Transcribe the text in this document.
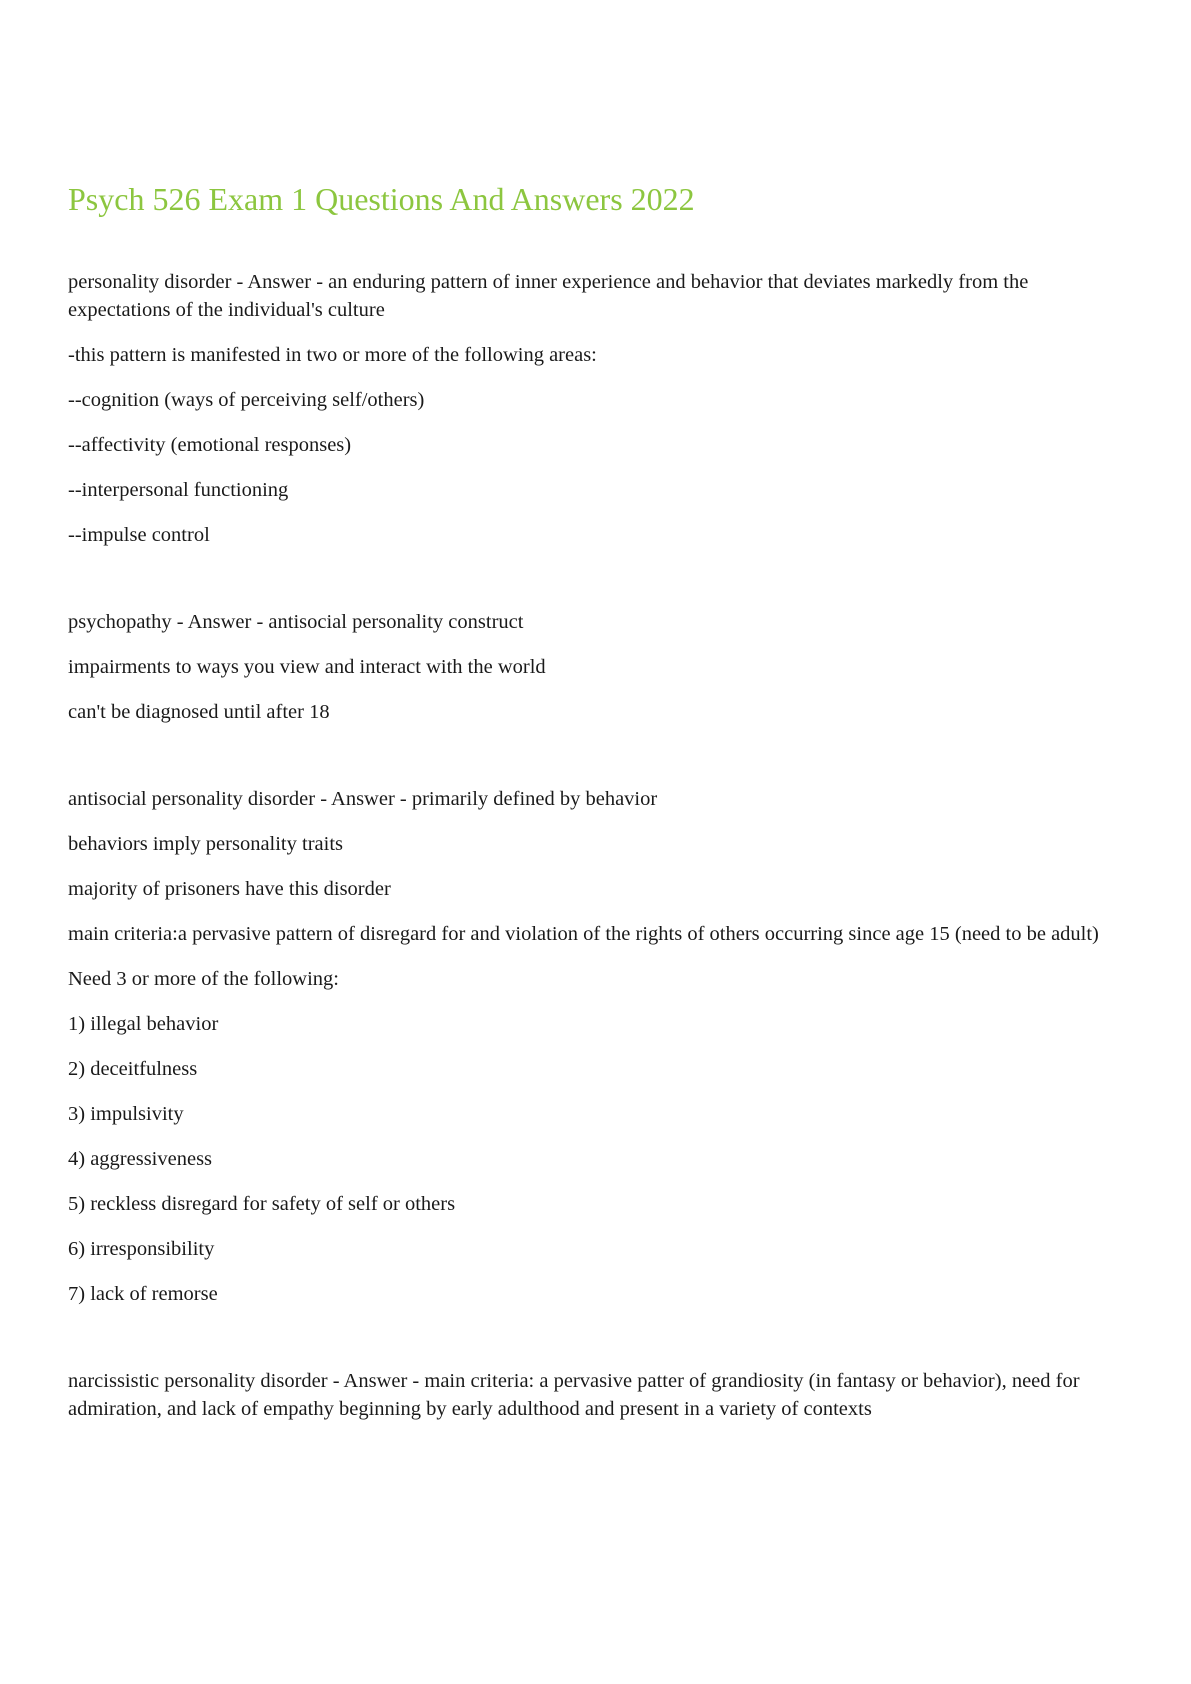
Psych 526 Exam 1 Questions And Answers 2022

personality disorder - Answer - an enduring pattern of inner experience and behavior that deviates markedly from the expectations of the individual's culture

-this pattern is manifested in two or more of the following areas:

--cognition (ways of perceiving self/others)

--affectivity (emotional responses)

--interpersonal functioning

--impulse control

psychopathy - Answer - antisocial personality construct

impairments to ways you view and interact with the world

can't be diagnosed until after 18

antisocial personality disorder - Answer - primarily defined by behavior

behaviors imply personality traits

majority of prisoners have this disorder

main criteria:a pervasive pattern of disregard for and violation of the rights of others occurring since age 15 (need to be adult)

Need 3 or more of the following:

1) illegal behavior

2) deceitfulness

3) impulsivity

4) aggressiveness

5) reckless disregard for safety of self or others

6) irresponsibility

7) lack of remorse

narcissistic personality disorder - Answer - main criteria: a pervasive patter of grandiosity (in fantasy or behavior), need for admiration, and lack of empathy beginning by early adulthood and present in a variety of contexts
